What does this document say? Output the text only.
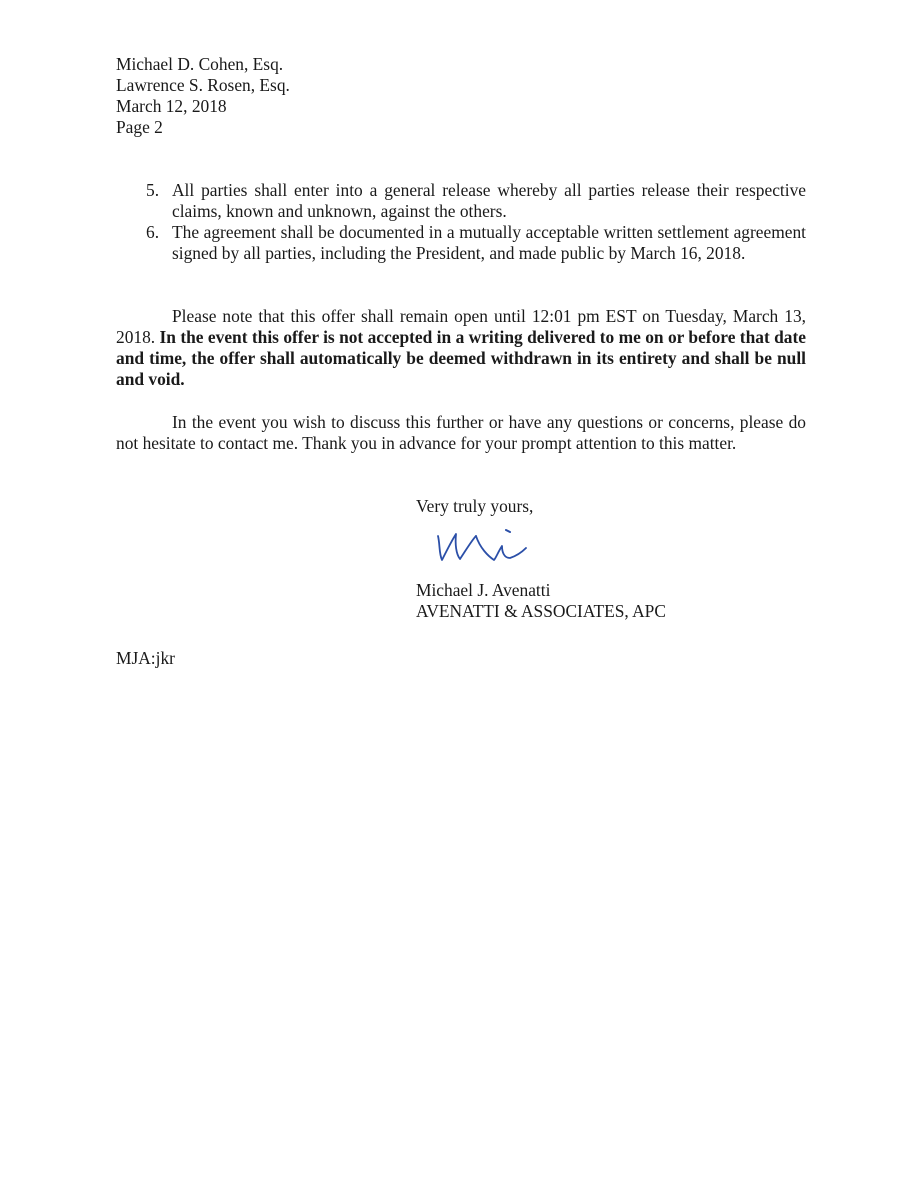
Michael D. Cohen, Esq.
Lawrence S. Rosen, Esq.
March 12, 2018
Page 2
5. All parties shall enter into a general release whereby all parties release their respective claims, known and unknown, against the others.
6. The agreement shall be documented in a mutually acceptable written settlement agreement signed by all parties, including the President, and made public by March 16, 2018.
Please note that this offer shall remain open until 12:01 pm EST on Tuesday, March 13, 2018. In the event this offer is not accepted in a writing delivered to me on or before that date and time, the offer shall automatically be deemed withdrawn in its entirety and shall be null and void.
In the event you wish to discuss this further or have any questions or concerns, please do not hesitate to contact me. Thank you in advance for your prompt attention to this matter.
Very truly yours,
Michael J. Avenatti
AVENATTI & ASSOCIATES, APC
MJA:jkr
